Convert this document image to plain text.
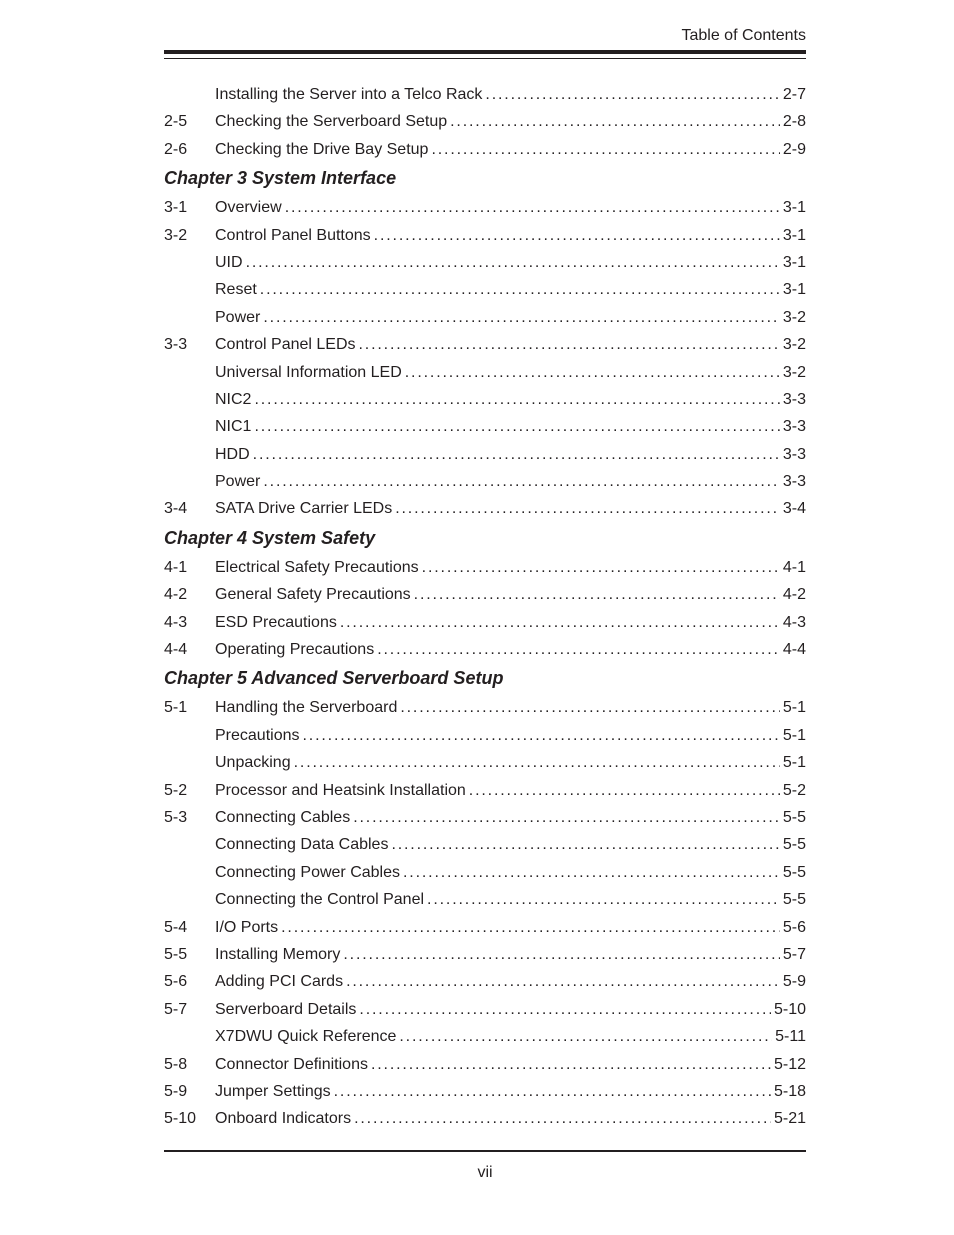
Table of Contents
Installing the Server into a Telco Rack . . .	2-7
2-5	Checking the Serverboard Setup . . .	2-8
2-6	Checking the Drive Bay Setup . . .	2-9
Chapter 3 System Interface
3-1	Overview . . .	3-1
3-2	Control Panel Buttons . . .	3-1
UID . . .	3-1
Reset . . .	3-1
Power . . .	3-2
3-3	Control Panel LEDs . . .	3-2
Universal Information LED . . .	3-2
NIC2 . . .	3-3
NIC1 . . .	3-3
HDD . . .	3-3
Power . . .	3-3
3-4	SATA Drive Carrier LEDs . . .	3-4
Chapter 4 System Safety
4-1	Electrical Safety Precautions . . .	4-1
4-2	General Safety Precautions . . .	4-2
4-3	ESD Precautions . . .	4-3
4-4	Operating Precautions . . .	4-4
Chapter 5 Advanced Serverboard Setup
5-1	Handling the Serverboard . . .	5-1
Precautions . . .	5-1
Unpacking . . .	5-1
5-2	Processor and Heatsink Installation . . .	5-2
5-3	Connecting Cables . . .	5-5
Connecting Data Cables . . .	5-5
Connecting Power Cables . . .	5-5
Connecting the Control Panel . . .	5-5
5-4	I/O Ports . . .	5-6
5-5	Installing Memory . . .	5-7
5-6	Adding PCI Cards . . .	5-9
5-7	Serverboard Details . . .	5-10
X7DWU Quick Reference . . .	5-11
5-8	Connector Definitions . . .	5-12
5-9	Jumper Settings . . .	5-18
5-10	Onboard Indicators . . .	5-21
vii
